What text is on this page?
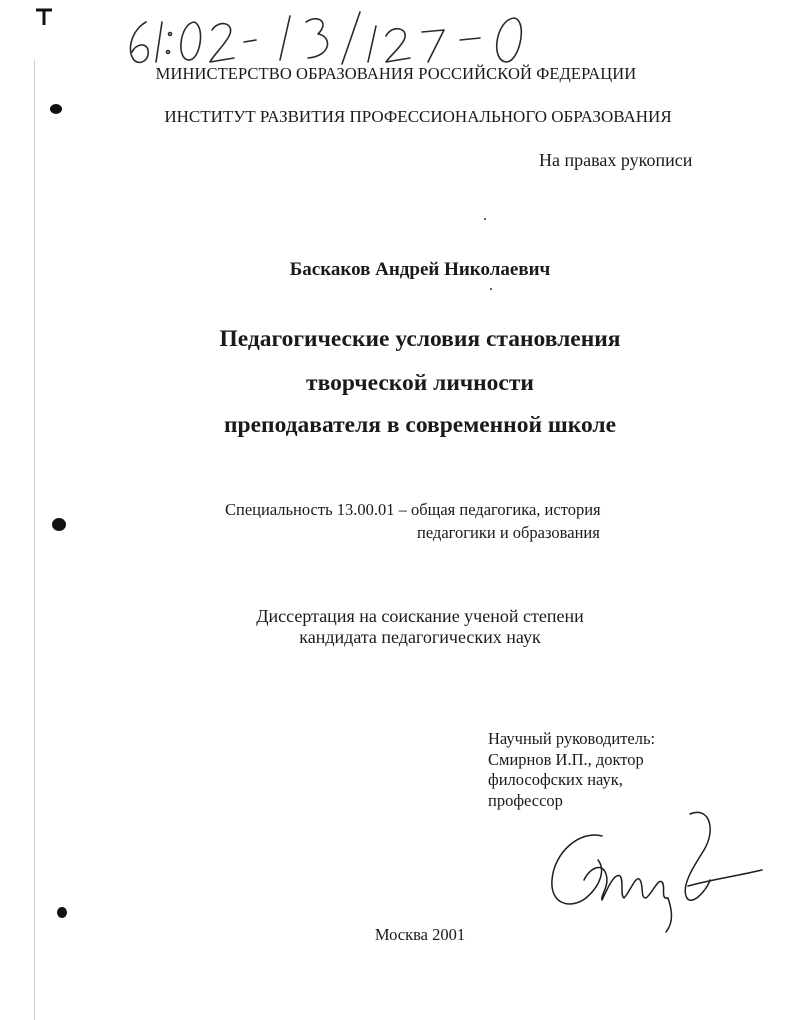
МИНИСТЕРСТВО ОБРАЗОВАНИЯ РОССИЙСКОЙ ФЕДЕРАЦИИ
ИНСТИТУТ РАЗВИТИЯ ПРОФЕССИОНАЛЬНОГО ОБРАЗОВАНИЯ
На правах рукописи
Баскаков Андрей Николаевич
Педагогические условия становления
творческой личности
преподавателя в современной школе
Специальность 13.00.01 – общая педагогика, история
педагогики и образования
Диссертация на соискание ученой степени
кандидата педагогических наук
Научный руководитель:
Смирнов И.П., доктор
философских наук,
профессор
Москва 2001
